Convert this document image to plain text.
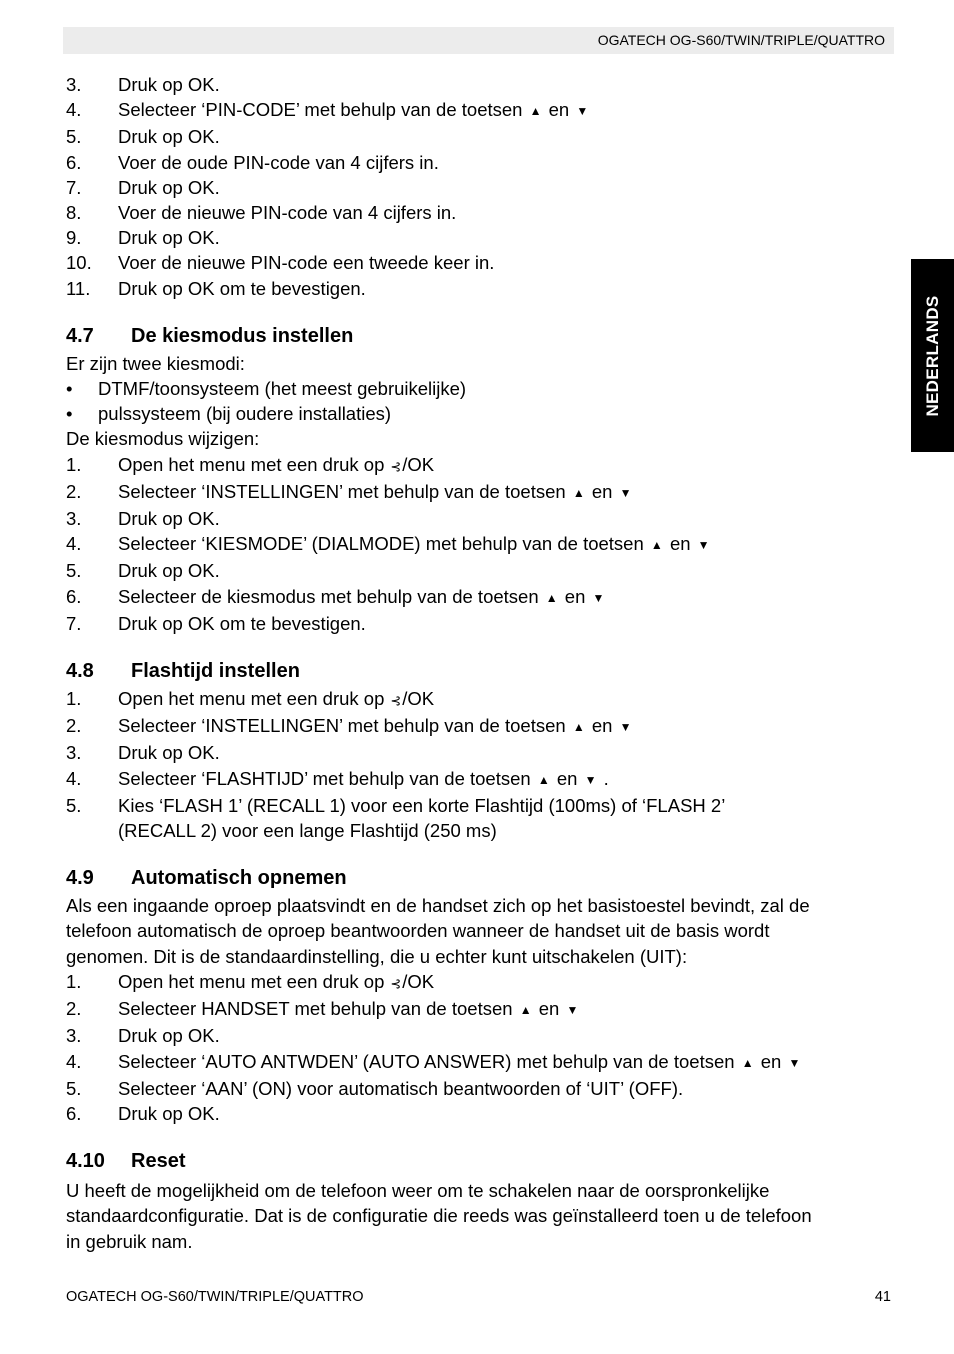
OGATECH OG-S60/TWIN/TRIPLE/QUATTRO
NEDERLANDS
3. Druk op OK.
4. Selecteer ‘PIN-CODE’ met behulp van de toetsen ▲ en ▼
5. Druk op OK.
6. Voer de oude PIN-code van 4 cijfers in.
7. Druk op OK.
8. Voer de nieuwe PIN-code van 4 cijfers in.
9. Druk op OK.
10. Voer de nieuwe PIN-code een tweede keer in.
11. Druk op OK om te bevestigen.
4.7 De kiesmodus instellen
Er zijn twee kiesmodi:
• DTMF/toonsysteem (het meest gebruikelijke)
• pulssysteem (bij oudere installaties)
De kiesmodus wijzigen:
1. Open het menu met een druk op ⊰/OK
2. Selecteer ‘INSTELLINGEN’ met behulp van de toetsen ▲ en ▼
3. Druk op OK.
4. Selecteer ‘KIESMODE’ (DIALMODE) met behulp van de toetsen ▲ en ▼
5. Druk op OK.
6. Selecteer de kiesmodus met behulp van de toetsen ▲ en ▼
7. Druk op OK om te bevestigen.
4.8 Flashtijd instellen
1. Open het menu met een druk op ⊰/OK
2. Selecteer ‘INSTELLINGEN’ met behulp van de toetsen ▲ en ▼
3. Druk op OK.
4. Selecteer ‘FLASHTIJD’ met behulp van de toetsen ▲ en ▼ .
5. Kies ‘FLASH 1’ (RECALL 1) voor een korte Flashtijd (100ms) of ‘FLASH 2’
(RECALL 2) voor een lange Flashtijd (250 ms)
4.9 Automatisch opnemen
Als een ingaande oproep plaatsvindt en de handset zich op het basistoestel bevindt, zal de
telefoon automatisch de oproep beantwoorden wanneer de handset uit de basis wordt
genomen. Dit is de standaardinstelling, die u echter kunt uitschakelen (UIT):
1. Open het menu met een druk op ⊰/OK
2. Selecteer HANDSET met behulp van de toetsen ▲ en ▼
3. Druk op OK.
4. Selecteer ‘AUTO ANTWDEN’ (AUTO ANSWER) met behulp van de toetsen ▲ en ▼
5. Selecteer ‘AAN’ (ON) voor automatisch beantwoorden of ‘UIT’ (OFF).
6. Druk op OK.
4.10 Reset
U heeft de mogelijkheid om de telefoon weer om te schakelen naar de oorspronkelijke
standaardconfiguratie. Dat is de configuratie die reeds was geïnstalleerd toen u de telefoon
in gebruik nam.
OGATECH OG-S60/TWIN/TRIPLE/QUATTRO	41
